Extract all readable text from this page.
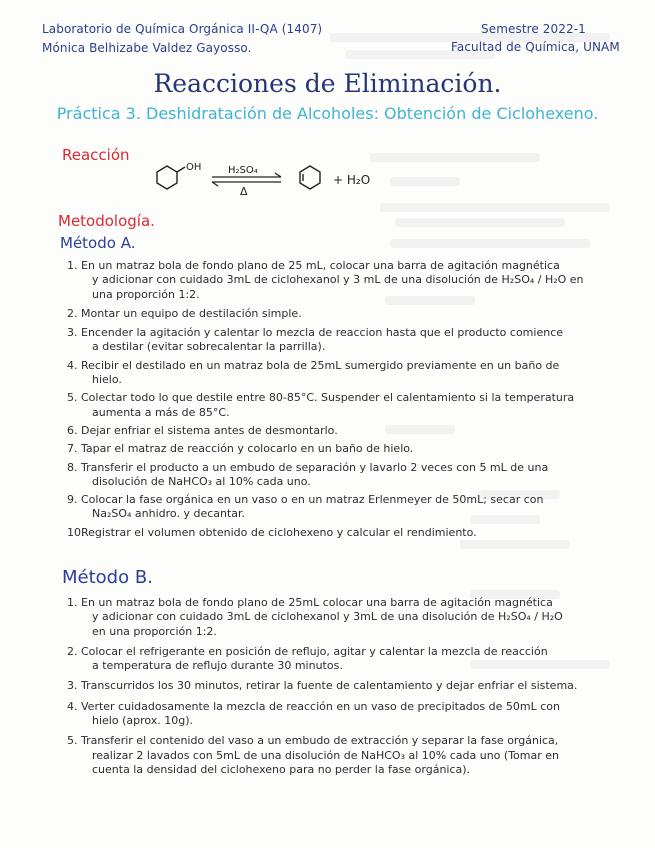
Laboratorio de Química Orgánica II-QA (1407)
Mónica Belhizabe Valdez Gayosso.
Semestre 2022-1
Facultad de Química, UNAM
Reacciones de Eliminación.
Práctica 3. Deshidratación de Alcoholes: Obtención de Ciclohexeno.
Reacción
OH	H₂SO₄
Δ
+ H₂O
Metodología.
Método A.
1. En un matraz bola de fondo plano de 25 mL, colocar una barra de agitación magnética
y adicionar con cuidado 3mL de ciclohexanol y 3 mL de una disolución de H₂SO₄ / H₂O en
una proporción 1:2.
2. Montar un equipo de destilación simple.
3. Encender la agitación y calentar lo mezcla de reaccion hasta que el producto comience
a destilar (evitar sobrecalentar la parrilla).
4. Recibir el destilado en un matraz bola de 25mL sumergido previamente en un baño de
hielo.
5. Colectar todo lo que destile entre 80-85°C. Suspender el calentamiento si la temperatura
aumenta a más de 85°C.
6. Dejar enfriar el sistema antes de desmontarlo.
7. Tapar el matraz de reacción y colocarlo en un baño de hielo.
8. Transferir el producto a un embudo de separación y lavarlo 2 veces con 5 mL de una
disolución de NaHCO₃ al 10% cada uno.
9. Colocar la fase orgánica en un vaso o en un matraz Erlenmeyer de 50mL; secar con
Na₂SO₄ anhidro. y decantar.
10.
Registrar el volumen obtenido de ciclohexeno y calcular el rendimiento.
Método B.
1. En un matraz bola de fondo plano de 25mL colocar una barra de agitación magnética
y adicionar con cuidado 3mL de ciclohexanol y 3mL de una disolución de H₂SO₄ / H₂O
en una proporción 1:2.
2. Colocar el refrigerante en posición de reflujo, agitar y calentar la mezcla de reacción
a temperatura de reflujo durante 30 minutos.
3. Transcurridos los 30 minutos, retirar la fuente de calentamiento y dejar enfriar el sistema.
4. Verter cuidadosamente la mezcla de reacción en un vaso de precipitados de 50mL con
hielo (aprox. 10g).
5. Transferir el contenido del vaso a un embudo de extracción y separar la fase orgánica,
realizar 2 lavados con 5mL de una disolución de NaHCO₃ al 10% cada uno (Tomar en
cuenta la densidad del ciclohexeno para no perder la fase orgánica).
